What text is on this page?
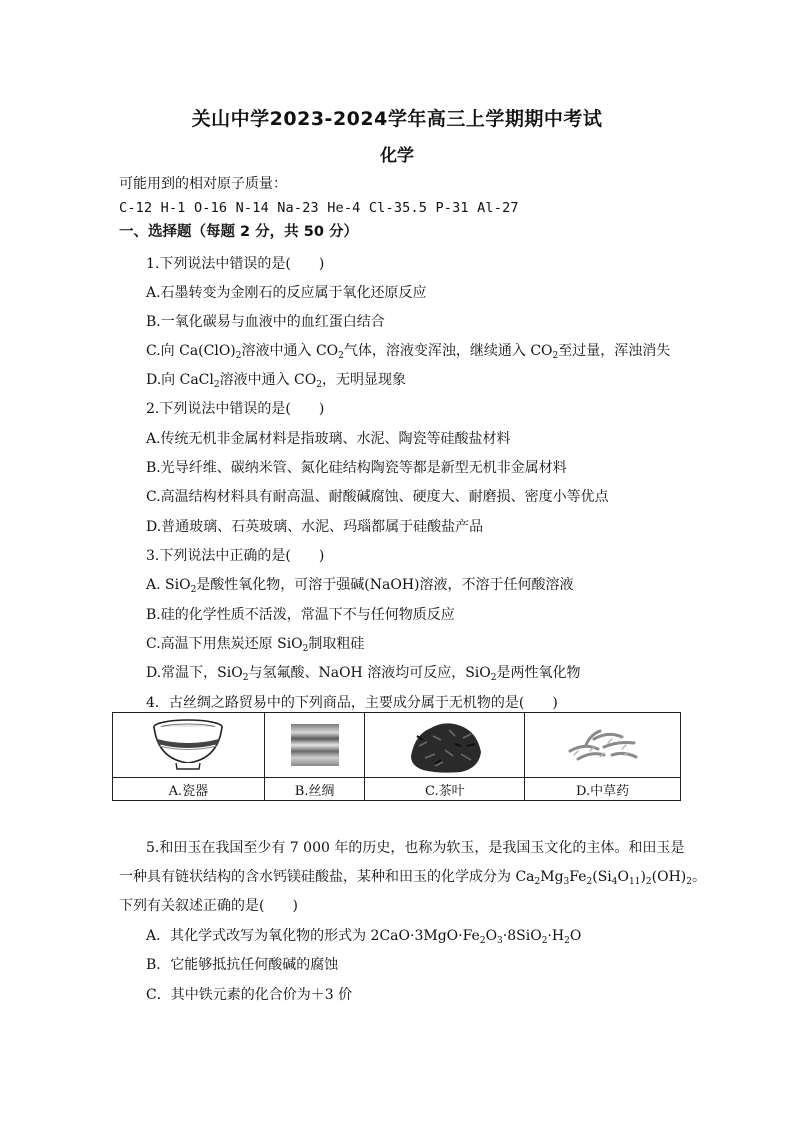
关山中学2023-2024学年高三上学期期中考试
化学
可能用到的相对原子质量：
C-12 H-1 O-16 N-14 Na-23 He-4 Cl-35.5 P-31 Al-27
一、选择题（每题 2 分，共 50 分）
1.下列说法中错误的是(　　)
A.石墨转变为金刚石的反应属于氧化还原反应
B.一氧化碳易与血液中的血红蛋白结合
C.向 $Ca(ClO)_2$溶液中通入 $CO_2$气体，溶液变浑浊，继续通入 $CO_2$至过量，浑浊消失
D.向 CaCl$_2$溶液中通入 $CO_2$，无明显现象
2.下列说法中错误的是(　　)
A.传统无机非金属材料是指玻璃、水泥、陶瓷等硅酸盐材料
B.光导纤维、碳纳米管、氮化硅结构陶瓷等都是新型无机非金属材料
C.高温结构材料具有耐高温、耐酸碱腐蚀、硬度大、耐磨损、密度小等优点
D.普通玻璃、石英玻璃、水泥、玛瑙都属于硅酸盐产品
3.下列说法中正确的是(　　)
A. SiO$_2$是酸性氧化物，可溶于强碱(NaOH)溶液，不溶于任何酸溶液
B.硅的化学性质不活泼，常温下不与任何物质反应
C.高温下用焦炭还原 SiO$_2$制取粗硅
D.常温下，SiO$_2$与氢氟酸、NaOH 溶液均可反应，SiO$_2$是两性氧化物
4．古丝绸之路贸易中的下列商品，主要成分属于无机物的是(　　)

A.瓷器	B.丝绸	C.茶叶	D.中草药
5.和田玉在我国至少有 7 000 年的历史，也称为软玉，是我国玉文化的主体。和田玉是
一种具有链状结构的含水钙镁硅酸盐，某种和田玉的化学成分为 $Ca_2Mg_3Fe_2(Si_4O_{11})_2(OH)_2$。
下列有关叙述正确的是(　　)
A．其化学式改写为氧化物的形式为 $2CaO\cdot 3MgO\cdot Fe_2O_3\cdot 8SiO_2\cdot H_2O$
B．它能够抵抗任何酸碱的腐蚀
C．其中铁元素的化合价为＋3 价
